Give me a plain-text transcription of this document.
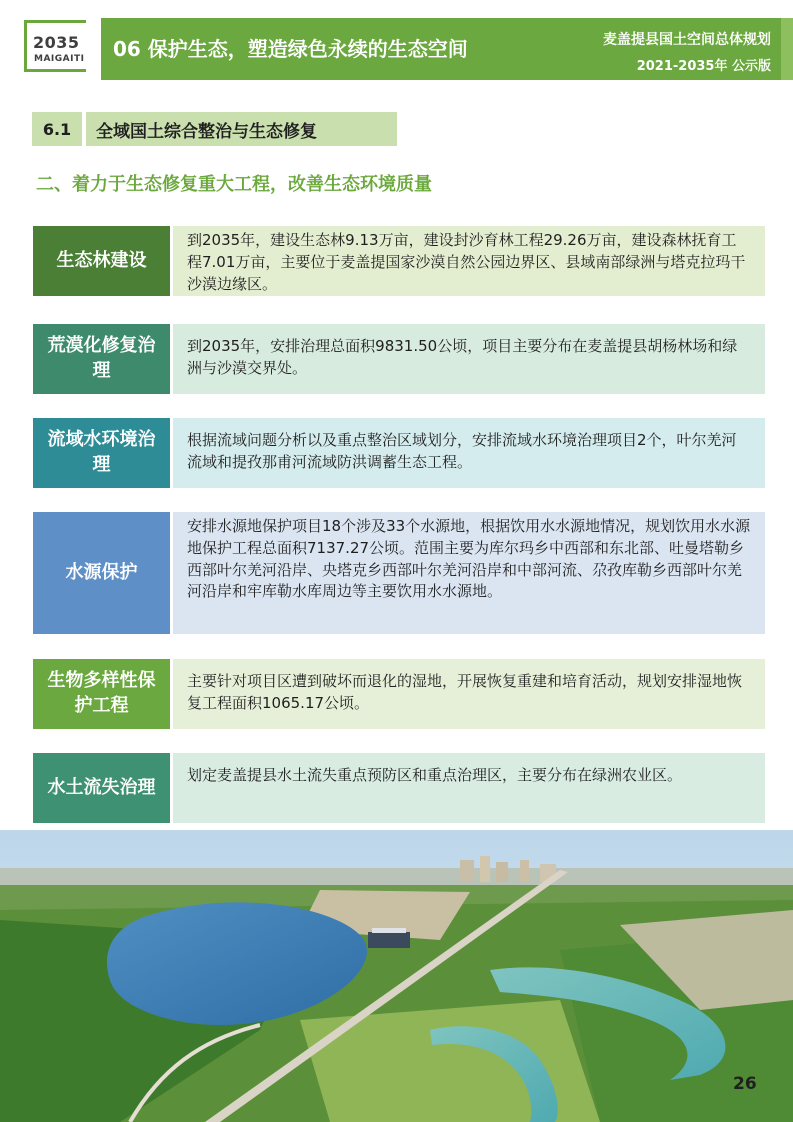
2035
MAIGAITI 06 保护生态，塑造绿色永续的生态空间	麦盖提县国土空间总体规划
2021-2035年 公示版
6.1	全域国土综合整治与生态修复
二、着力于生态修复重大工程，改善生态环境质量
生态林建设
到2035年，建设生态林9.13万亩，建设封沙育林工程29.26万亩，建设森林抚育工程7.01万亩，主要位于麦盖提国家沙漠自然公园边界区、县域南部绿洲与塔克拉玛干沙漠边缘区。
荒漠化修复治理
到2035年，安排治理总面积9831.50公顷，项目主要分布在麦盖提县胡杨林场和绿洲与沙漠交界处。
流域水环境治理
根据流域问题分析以及重点整治区域划分，安排流域水环境治理项目2个，叶尔羌河流域和提孜那甫河流域防洪调蓄生态工程。
水源保护
安排水源地保护项目18个涉及33个水源地，根据饮用水水源地情况，规划饮用水水源地保护工程总面积7137.27公顷。范围主要为库尔玛乡中西部和东北部、吐曼塔勒乡西部叶尔羌河沿岸、央塔克乡西部叶尔羌河沿岸和中部河流、尕孜库勒乡西部叶尔羌河沿岸和牢库勒水库周边等主要饮用水水源地。
生物多样性保护工程
主要针对项目区遭到破坏而退化的湿地，开展恢复重建和培育活动，规划安排湿地恢复工程面积1065.17公顷。
水土流失治理
划定麦盖提县水土流失重点预防区和重点治理区，主要分布在绿洲农业区。
26
